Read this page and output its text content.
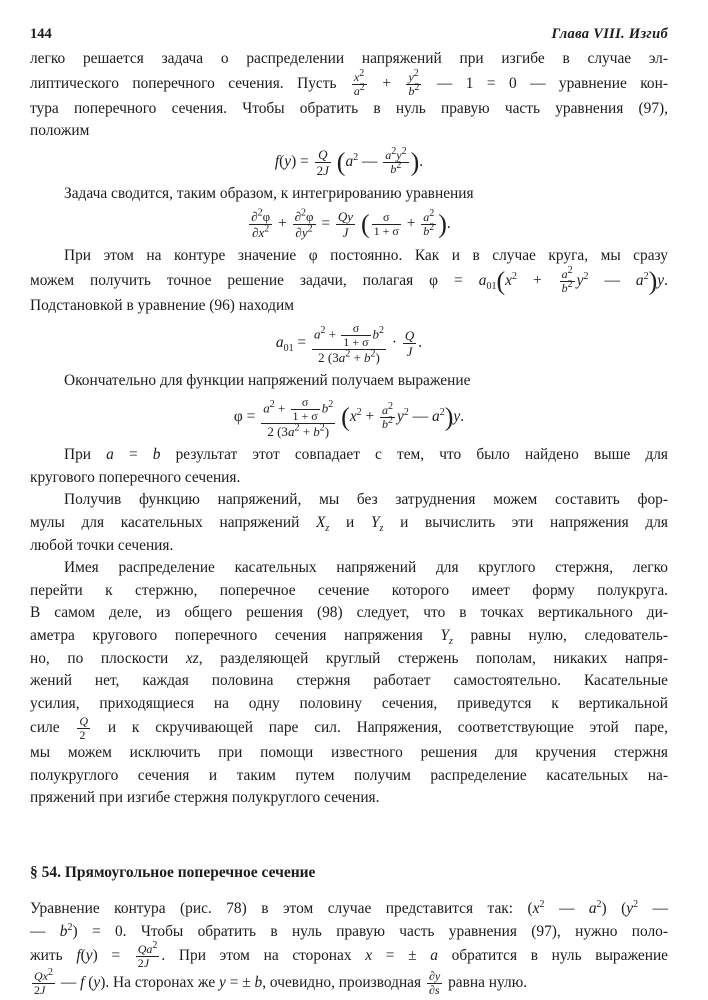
144	Глава VIII. Изгиб

легко решается задача о распределении напряжений при изгибе в случае эл-
липтического поперечного сечения. Пусть $\frac{x^2}{a^2} + \frac{y^2}{b^2}$ — 1 = 0 — уравнение кон-
тура поперечного сечения. Чтобы обратить в нуль правую часть уравнения (97),
положим

$f(y) = \frac{Q}{2J} (a^2$ — $\frac{a^2y^2}{b^2}$ ).

Задача сводится, таким образом, к интегрированию уравнения

$\frac{\partial^2\varphi}{\partial x^2} + \frac{\partial^2\varphi}{\partial y^2} = \frac{Qy}{J}$ ( $\frac{\sigma}{1 + \sigma} + \frac{a^2}{b^2}$ ).

При этом на контуре значение φ постоянно. Как и в случае круга, мы сразу
можем получить точное решение задачи, полагая $\varphi = a_{01}(x^2 + \frac{a^2}{b^2} y^2$ — $a^2)y$.
Подстановкой в уравнение (96) находим

$a_{01} = \frac{a^2 + \frac{\sigma}{1 + \sigma} b^2}{2 (3a^2 + b^2)} \cdot \frac{Q}{J}$ .

Окончательно для функции напряжений получаем выражение

$\varphi = \frac{a^2 + \frac{\sigma}{1 + \sigma} b^2}{2 (3a^2 + b^2)} (x^2 + \frac{a^2}{b^2} y^2$ — $a^2)y$.

При a = b результат этот совпадает с тем, что было найдено выше для
кругового поперечного сечения.

Получив функцию напряжений, мы без затруднения можем составить фор-
мулы для касательных напряжений $X_z$ и $Y_z$ и вычислить эти напряжения для
любой точки сечения.

Имея распределение касательных напряжений для круглого стержня, легко
перейти к стержню, поперечное сечение которого имеет форму полукруга.
В самом деле, из общего решения (98) следует, что в точках вертикального ди-
аметра кругового поперечного сечения напряжения $Y_z$ равны нулю, следователь-
но, по плоскости xz, разделяющей круглый стержень пополам, никаких напря-
жений нет, каждая половина стержня работает самостоятельно. Касательные
усилия, приходящиеся на одну половину сечения, приведутся к вертикальной
силе $\frac{Q}{2}$ и к скручивающей паре сил. Напряжения, соответствующие этой паре,
мы можем исключить при помощи известного решения для кручения стержня
полукруглого сечения и таким путем получим распределение касательных на-
пряжений при изгибе стержня полукруглого сечения.

§ 54. Прямоугольное поперечное сечение

Уравнение контура (рис. 78) в этом случае представится так: ($x^2$ — $a^2$) ($y^2$ —
— $b^2) = 0$. Чтобы обратить в нуль правую часть уравнения (97), нужно поло-
жить $f(y) = \frac{Qa^2}{2J}$ . При этом на сторонах x = ± a обратится в нуль выражение
$\frac{Qx^2}{2J}$ — f (y). На сторонах же y = ± b, очевидно, производная $\frac{\partial y}{\partial s}$ равна нулю.
